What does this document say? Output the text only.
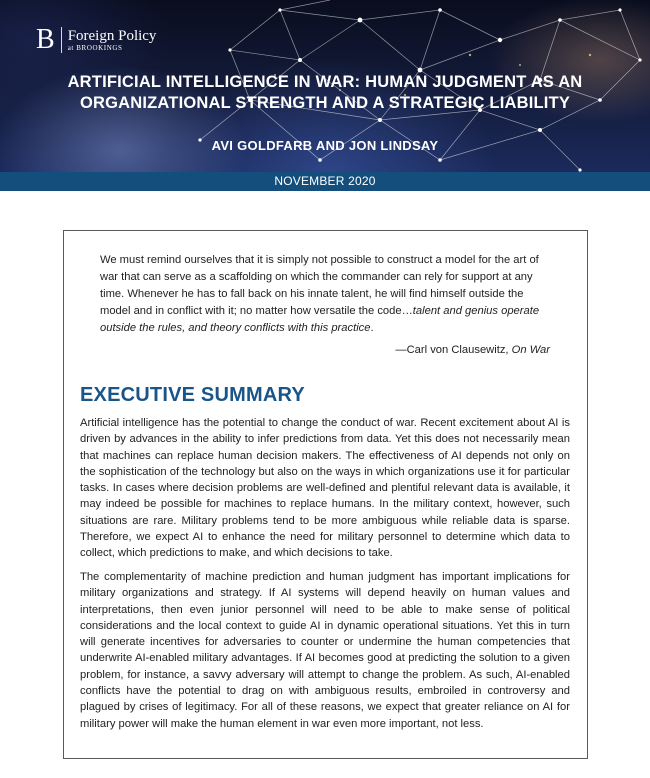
B Foreign Policy
at BROOKINGS
ARTIFICIAL INTELLIGENCE IN WAR: HUMAN JUDGMENT AS AN ORGANIZATIONAL STRENGTH AND A STRATEGIC LIABILITY
AVI GOLDFARB AND JON LINDSAY
NOVEMBER 2020

We must remind ourselves that it is simply not possible to construct a model for the art of war that can serve as a scaffolding on which the commander can rely for support at any time. Whenever he has to fall back on his innate talent, he will find himself outside the model and in conflict with it; no matter how versatile the code…talent and genius operate outside the rules, and theory conflicts with this practice.

—Carl von Clausewitz, On War

EXECUTIVE SUMMARY

Artificial intelligence has the potential to change the conduct of war. Recent excitement about AI is driven by advances in the ability to infer predictions from data. Yet this does not necessarily mean that machines can replace human decision makers. The effectiveness of AI depends not only on the sophistication of the technology but also on the ways in which organizations use it for particular tasks. In cases where decision problems are well-defined and plentiful relevant data is available, it may indeed be possible for machines to replace humans. In the military context, however, such situations are rare. Military problems tend to be more ambiguous while reliable data is sparse. Therefore, we expect AI to enhance the need for military personnel to determine which data to collect, which predictions to make, and which decisions to take.

The complementarity of machine prediction and human judgment has important implications for military organizations and strategy. If AI systems will depend heavily on human values and interpretations, then even junior personnel will need to be able to make sense of political considerations and the local context to guide AI in dynamic operational situations. Yet this in turn will generate incentives for adversaries to counter or undermine the human competencies that underwrite AI-enabled military advantages. If AI becomes good at predicting the solution to a given problem, for instance, a savvy adversary will attempt to change the problem. As such, AI-enabled conflicts have the potential to drag on with ambiguous results, embroiled in controversy and plagued by crises of legitimacy. For all of these reasons, we expect that greater reliance on AI for military power will make the human element in war even more important, not less.
